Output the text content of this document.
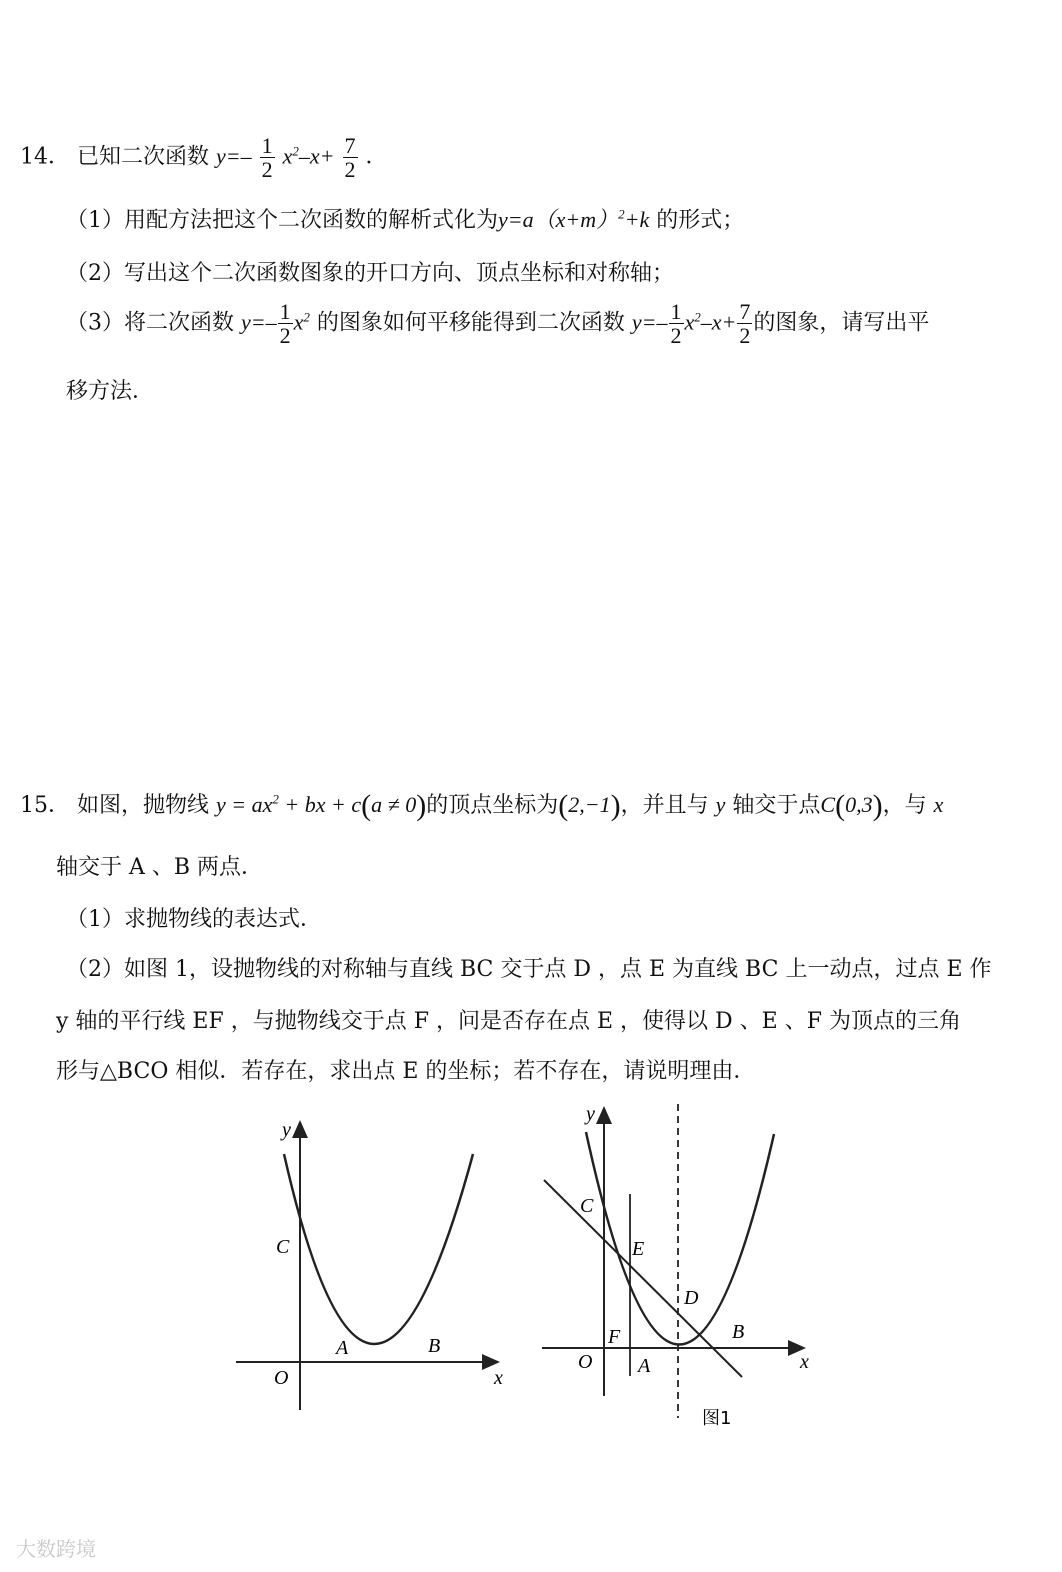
14． 已知二次函数 $y=- \frac{1}{2} x^2-x+ \frac{7}{2}$ ．
（1）用配方法把这个二次函数的解析式化为$y=a(x+m)^2+k$ 的形式；
（2）写出这个二次函数图象的开口方向、顶点坐标和对称轴；
（3）将二次函数 $y=- \frac{1}{2} x^2$ 的图象如何平移能得到二次函数 $y=- \frac{1}{2} x^2-x+ \frac{7}{2}$ 的图象，请写出平
移方法．
15． 如图，抛物线 $y = ax^2$ + bx + c(a ≠ 0)的顶点坐标为(2,−1)，并且与 y 轴交于点C(0,3)，与 x
轴交于 A 、B 两点．
（1）求抛物线的表达式．
（2）如图 1，设抛物线的对称轴与直线 BC 交于点 D ，点 E 为直线 BC 上一动点，过点 E 作
y 轴的平行线 EF ，与抛物线交于点 F ，问是否存在点 E ，使得以 D 、E 、F 为顶点的三角
形与△BCO 相似．若存在，求出点 E 的坐标；若不存在，请说明理由．
y
x
O
C
A	B
y
x
O
C
E
D
B
F
A
图1
大数跨境
